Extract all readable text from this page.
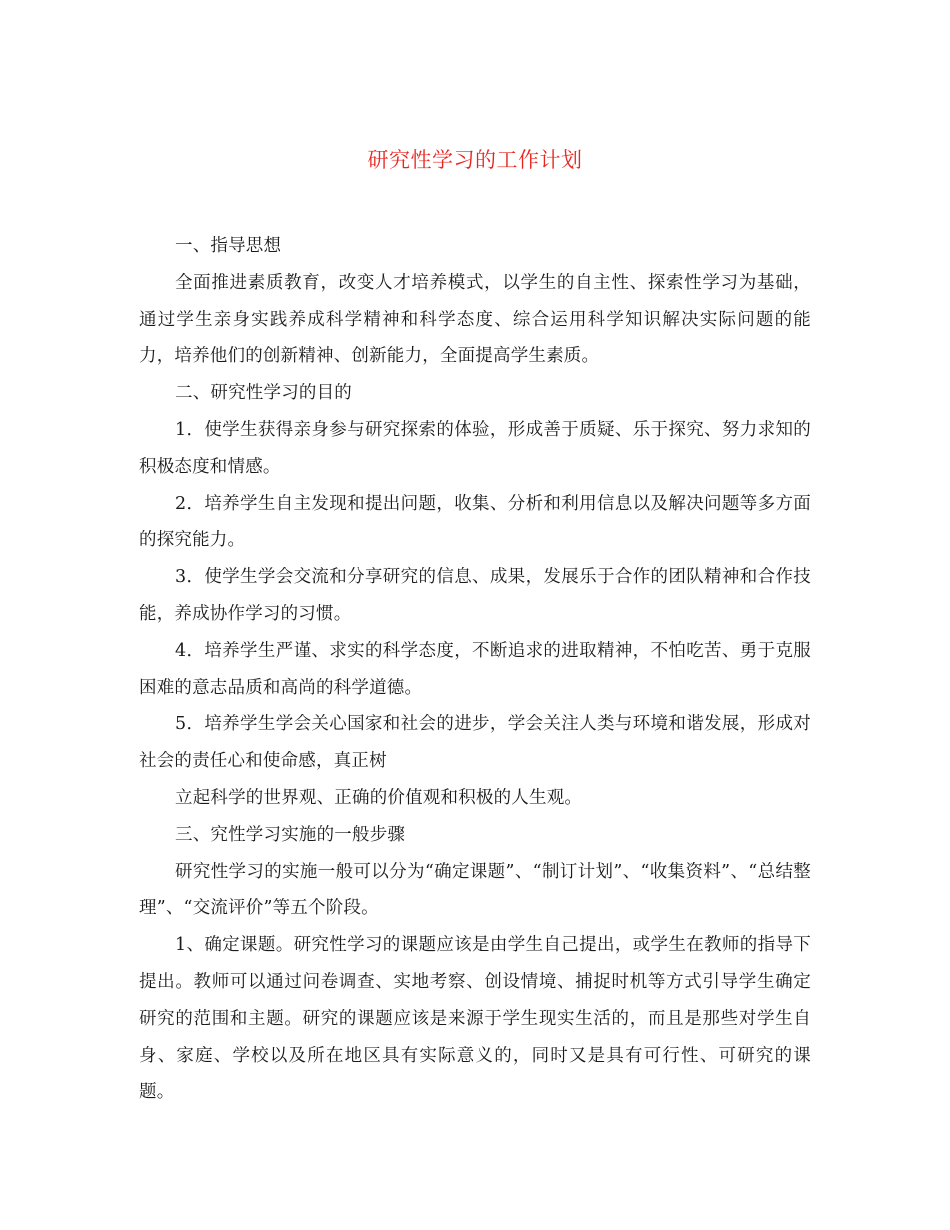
研究性学习的工作计划

一、指导思想

全面推进素质教育，改变人才培养模式，以学生的自主性、探索性学习为基础，通过学生亲身实践养成科学精神和科学态度、综合运用科学知识解决实际问题的能力，培养他们的创新精神、创新能力，全面提高学生素质。

二、研究性学习的目的

1．使学生获得亲身参与研究探索的体验，形成善于质疑、乐于探究、努力求知的积极态度和情感。

2．培养学生自主发现和提出问题，收集、分析和利用信息以及解决问题等多方面的探究能力。

3．使学生学会交流和分享研究的信息、成果，发展乐于合作的团队精神和合作技能，养成协作学习的习惯。

4．培养学生严谨、求实的科学态度，不断追求的进取精神，不怕吃苦、勇于克服困难的意志品质和高尚的科学道德。

5．培养学生学会关心国家和社会的进步，学会关注人类与环境和谐发展，形成对社会的责任心和使命感，真正树

立起科学的世界观、正确的价值观和积极的人生观。

三、究性学习实施的一般步骤

研究性学习的实施一般可以分为“确定课题”、“制订计划”、“收集资料”、“总结整理”、“交流评价”等五个阶段。

1、确定课题。研究性学习的课题应该是由学生自己提出，或学生在教师的指导下提出。教师可以通过问卷调查、实地考察、创设情境、捕捉时机等方式引导学生确定研究的范围和主题。研究的课题应该是来源于学生现实生活的，而且是那些对学生自身、家庭、学校以及所在地区具有实际意义的，同时又是具有可行性、可研究的课题。
